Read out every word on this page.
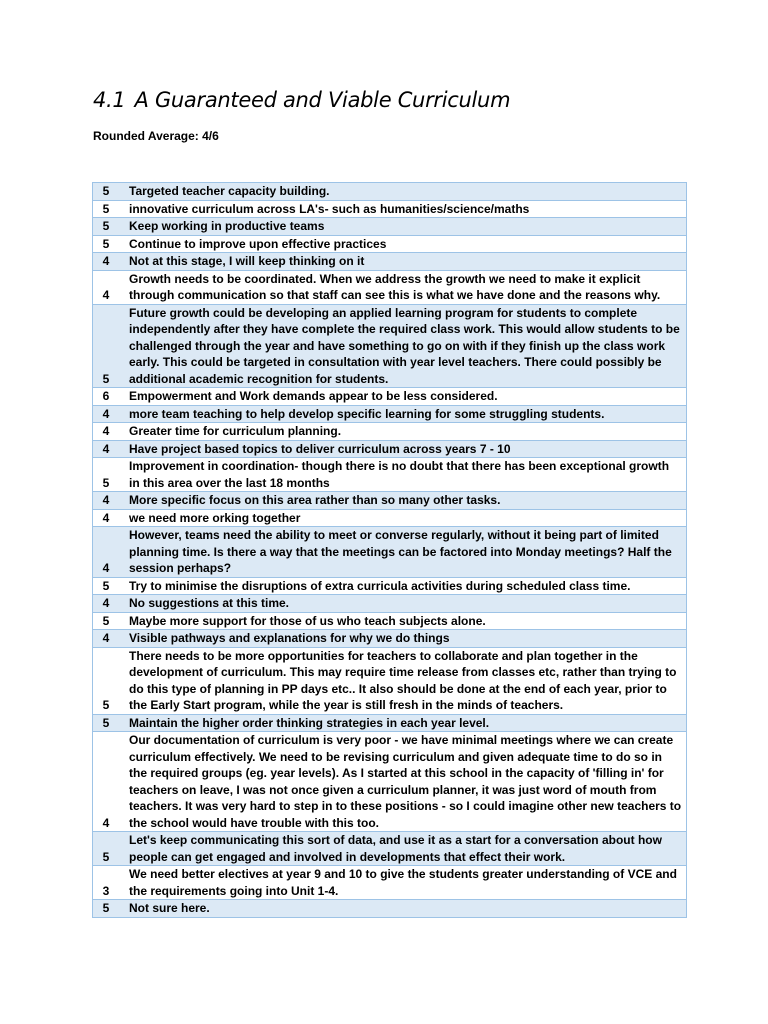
4.1 A Guaranteed and Viable Curriculum

Rounded Average: 4/6

5	Targeted teacher capacity building.
5	innovative curriculum across LA's- such as humanities/science/maths
5	Keep working in productive teams
5	Continue to improve upon effective practices
4	Not at this stage, I will keep thinking on it
4	Growth needs to be coordinated. When we address the growth we need to make it explicit through communication so that staff can see this is what we have done and the reasons why.
5	Future growth could be developing an applied learning program for students to complete independently after they have complete the required class work. This would allow students to be challenged through the year and have something to go on with if they finish up the class work early. This could be targeted in consultation with year level teachers. There could possibly be additional academic recognition for students.
6	Empowerment and Work demands appear to be less considered.
4	more team teaching to help develop specific learning for some struggling students.
4	Greater time for curriculum planning.
4	Have project based topics to deliver curriculum across years 7 - 10
5	Improvement in coordination- though there is no doubt that there has been exceptional growth in this area over the last 18 months
4	More specific focus on this area rather than so many other tasks.
4	we need more orking together
4	However, teams need the ability to meet or converse regularly, without it being part of limited planning time. Is there a way that the meetings can be factored into Monday meetings? Half the session perhaps?
5	Try to minimise the disruptions of extra curricula activities during scheduled class time.
4	No suggestions at this time.
5	Maybe more support for those of us who teach subjects alone.
4	Visible pathways and explanations for why we do things
5	There needs to be more opportunities for teachers to collaborate and plan together in the development of curriculum. This may require time release from classes etc, rather than trying to do this type of planning in PP days etc.. It also should be done at the end of each year, prior to the Early Start program, while the year is still fresh in the minds of teachers.
5	Maintain the higher order thinking strategies in each year level.
4	Our documentation of curriculum is very poor - we have minimal meetings where we can create curriculum effectively. We need to be revising curriculum and given adequate time to do so in the required groups (eg. year levels). As I started at this school in the capacity of 'filling in' for teachers on leave, I was not once given a curriculum planner, it was just word of mouth from teachers. It was very hard to step in to these positions - so I could imagine other new teachers to the school would have trouble with this too.
5	Let's keep communicating this sort of data, and use it as a start for a conversation about how people can get engaged and involved in developments that effect their work.
3	We need better electives at year 9 and 10 to give the students greater understanding of VCE and the requirements going into Unit 1-4.
5	Not sure here.
